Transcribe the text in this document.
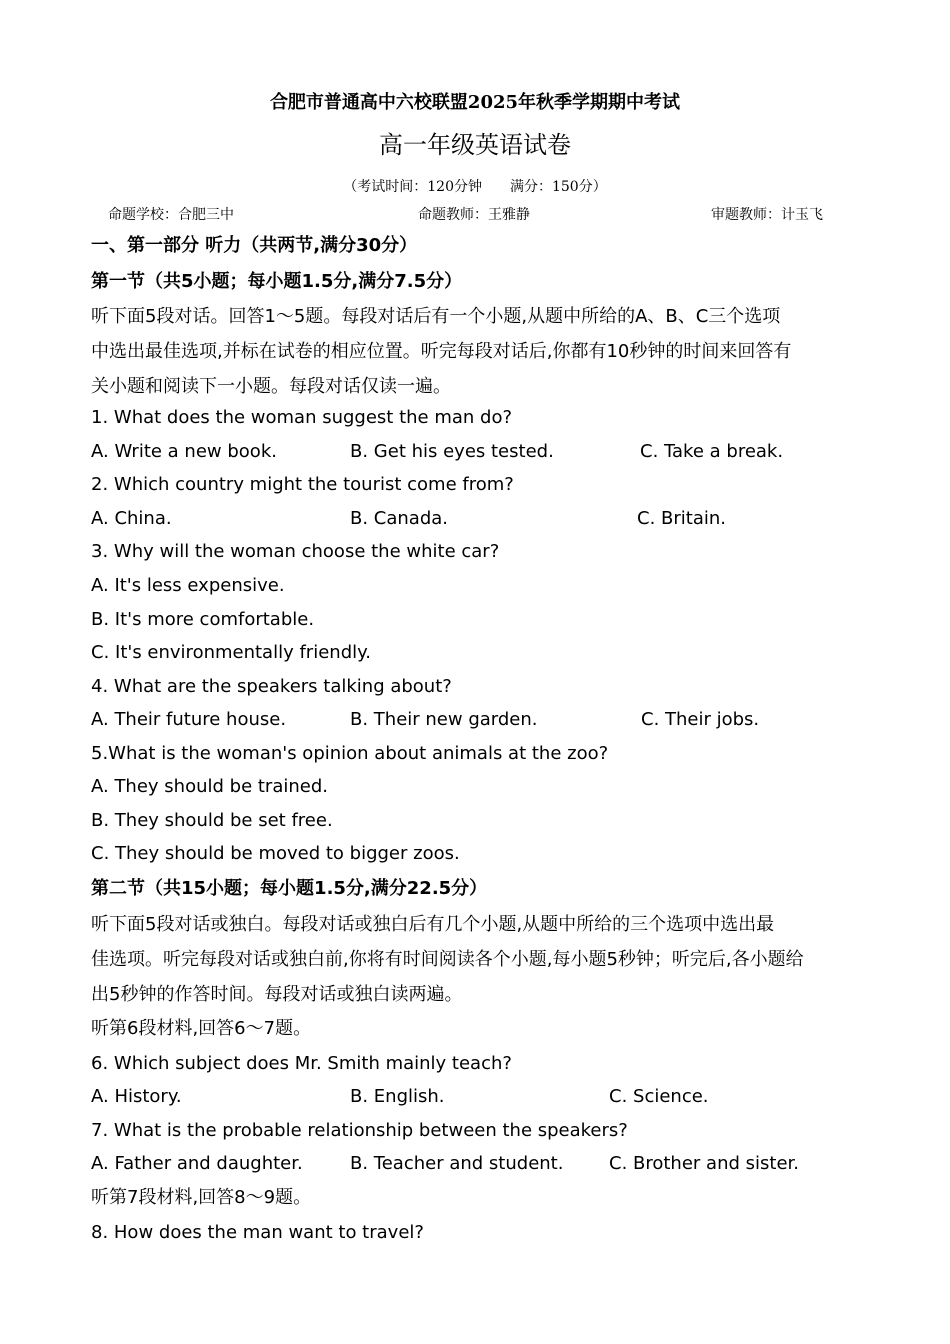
合肥市普通高中六校联盟2025年秋季学期期中考试
高一年级英语试卷
（考试时间：120分钟　　满分：150分）
命题学校：合肥三中	命题教师：王雅静	审题教师：计玉飞
一、第一部分 听力（共两节,满分30分）
第一节（共5小题；每小题1.5分,满分7.5分）
听下面5段对话。回答1～5题。每段对话后有一个小题,从题中所给的A、B、C三个选项
中选出最佳选项,并标在试卷的相应位置。听完每段对话后,你都有10秒钟的时间来回答有
关小题和阅读下一小题。每段对话仅读一遍。
1. What does the woman suggest the man do?
A. Write a new book.	B. Get his eyes tested.	C. Take a break.
2. Which country might the tourist come from?
A. China.	B. Canada.	C. Britain.
3. Why will the woman choose the white car?
A. It's less expensive.
B. It's more comfortable.
C. It's environmentally friendly.
4. What are the speakers talking about?
A. Their future house.	B. Their new garden.	C. Their jobs.
5.What is the woman's opinion about animals at the zoo?
A. They should be trained.
B. They should be set free.
C. They should be moved to bigger zoos.
第二节（共15小题；每小题1.5分,满分22.5分）
听下面5段对话或独白。每段对话或独白后有几个小题,从题中所给的三个选项中选出最
佳选项。听完每段对话或独白前,你将有时间阅读各个小题,每小题5秒钟；听完后,各小题给
出5秒钟的作答时间。每段对话或独白读两遍。
听第6段材料,回答6～7题。
6. Which subject does Mr. Smith mainly teach?
A. History.	B. English.	C. Science.
7. What is the probable relationship between the speakers?
A. Father and daughter.	B. Teacher and student.	C. Brother and sister.
听第7段材料,回答8～9题。
8. How does the man want to travel?
